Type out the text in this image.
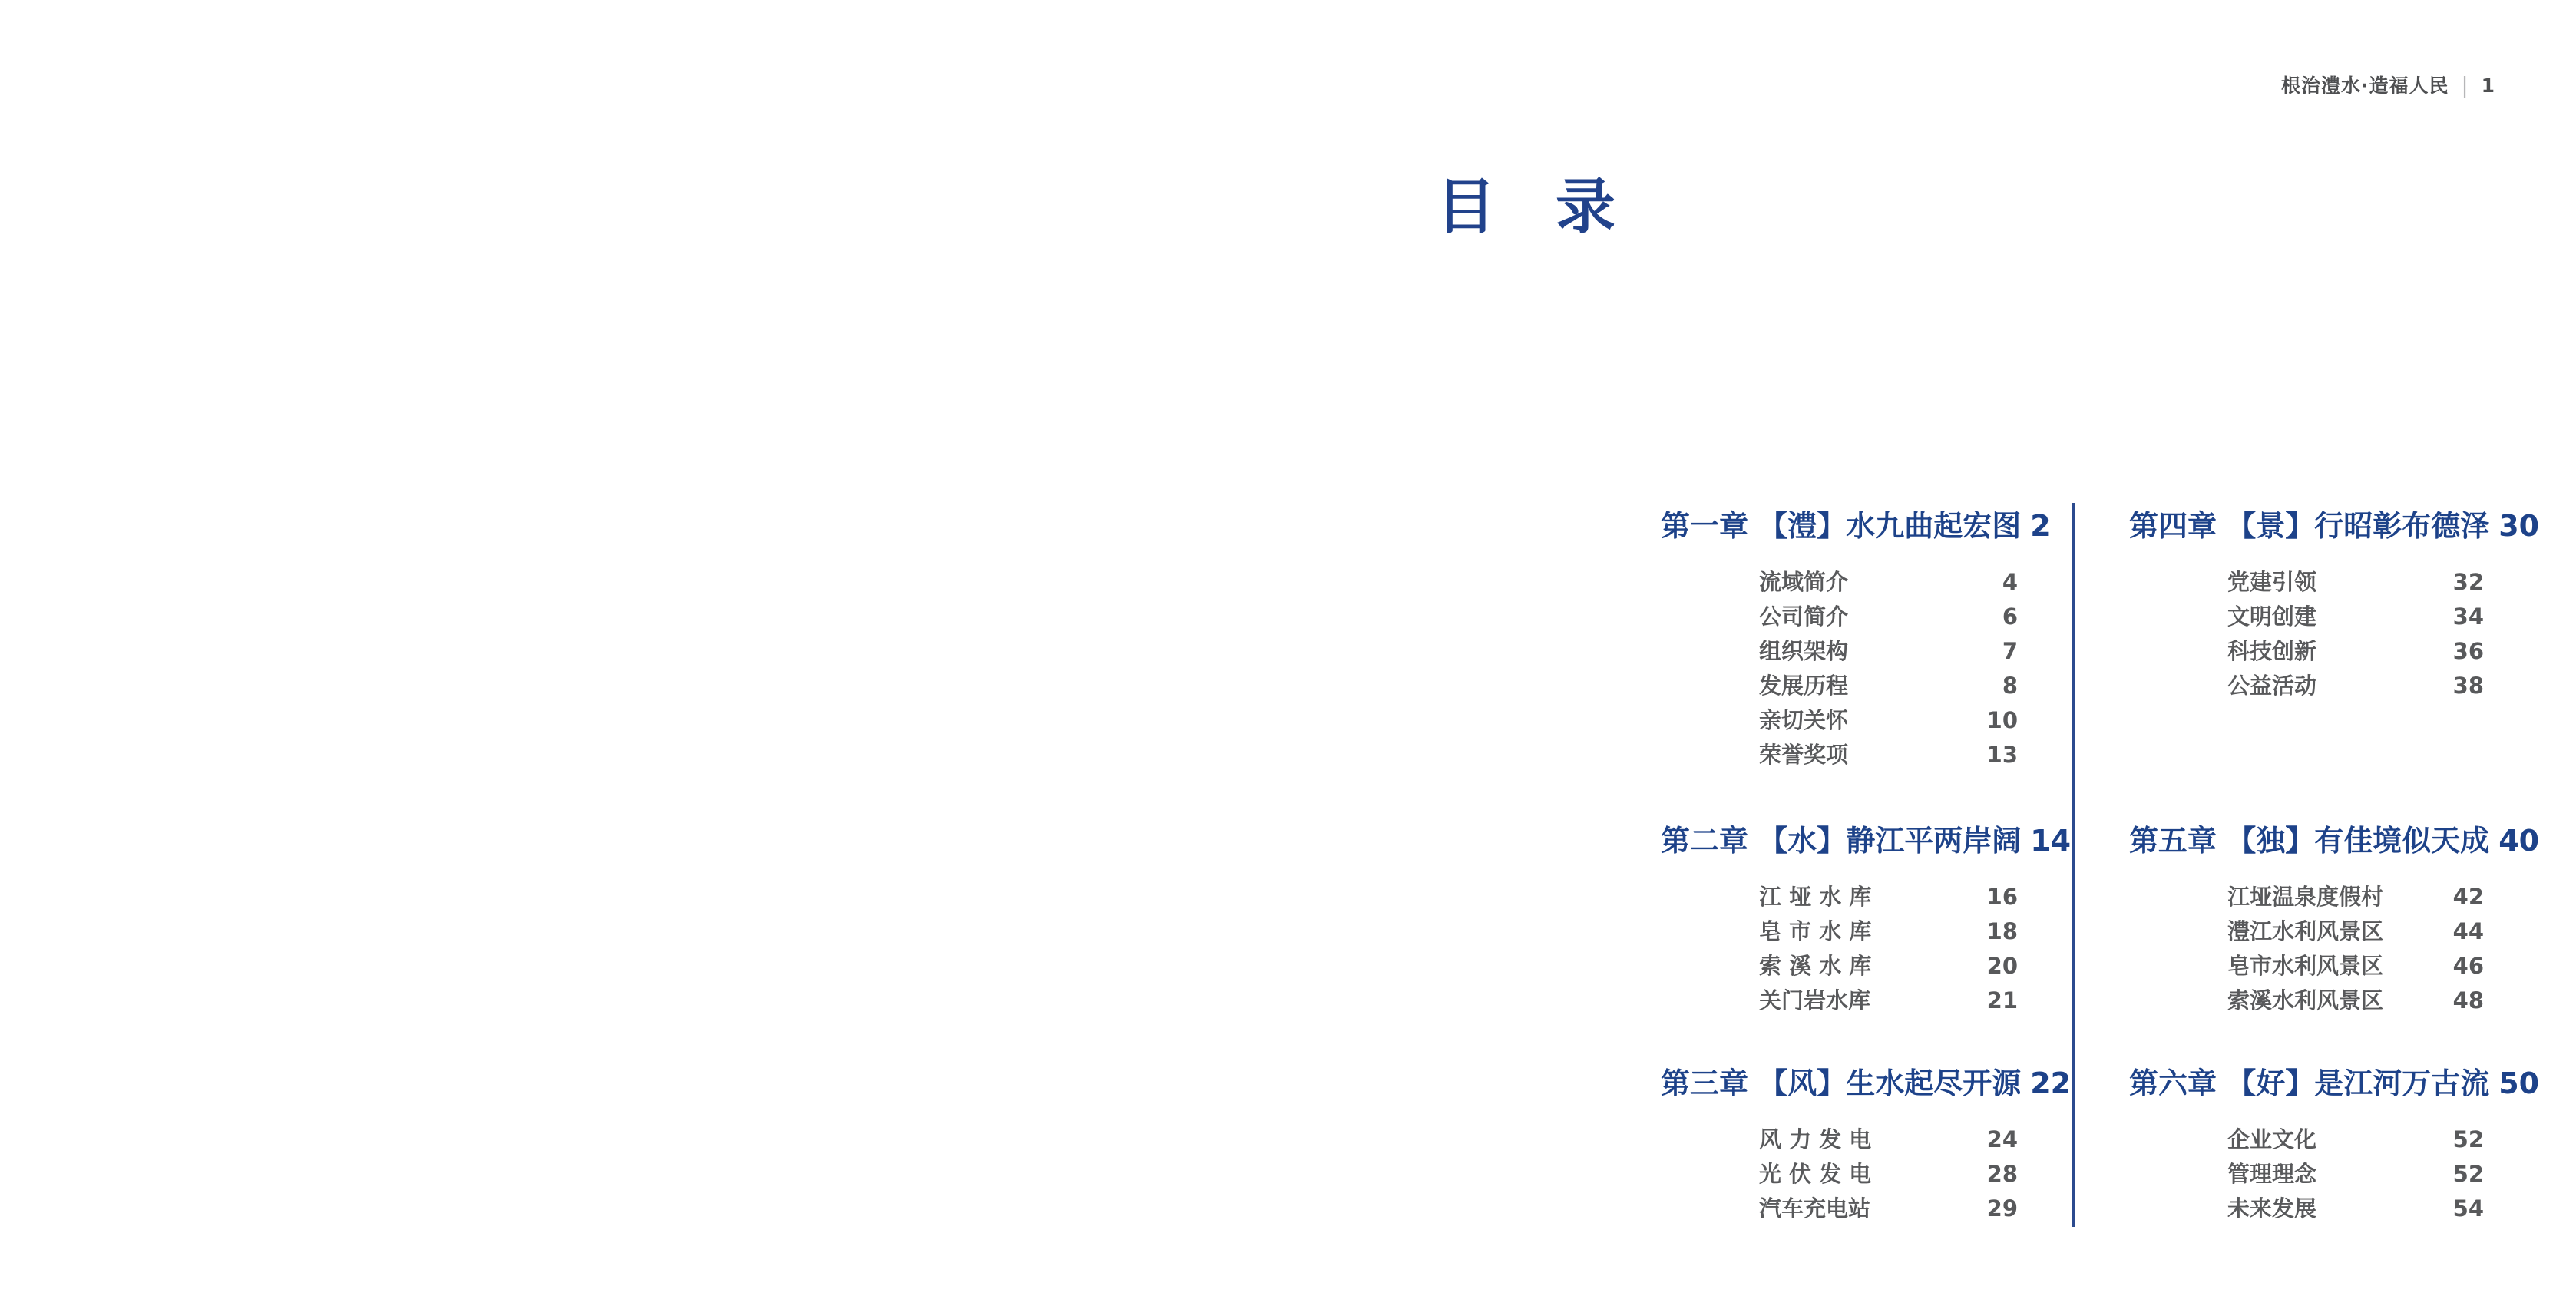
根治澧水·造福人民 | 1
目　录
第一章 【澧】水九曲起宏图 2
流域简介	4
公司简介	6
组织架构	7
发展历程	8
亲切关怀	10
荣誉奖项	13
第二章 【水】静江平两岸阔 14
江 垭 水 库	16
皂 市 水 库	18
索 溪 水 库	20
关门岩水库	21
第三章 【风】生水起尽开源 22
风 力 发 电	24
光 伏 发 电	28
汽车充电站	29
第四章 【景】行昭彰布德泽 30
党建引领	32
文明创建	34
科技创新	36
公益活动	38
第五章 【独】有佳境似天成 40
江垭温泉度假村	42
澧江水利风景区	44
皂市水利风景区	46
索溪水利风景区	48
第六章 【好】是江河万古流 50
企业文化	52
管理理念	52
未来发展	54
